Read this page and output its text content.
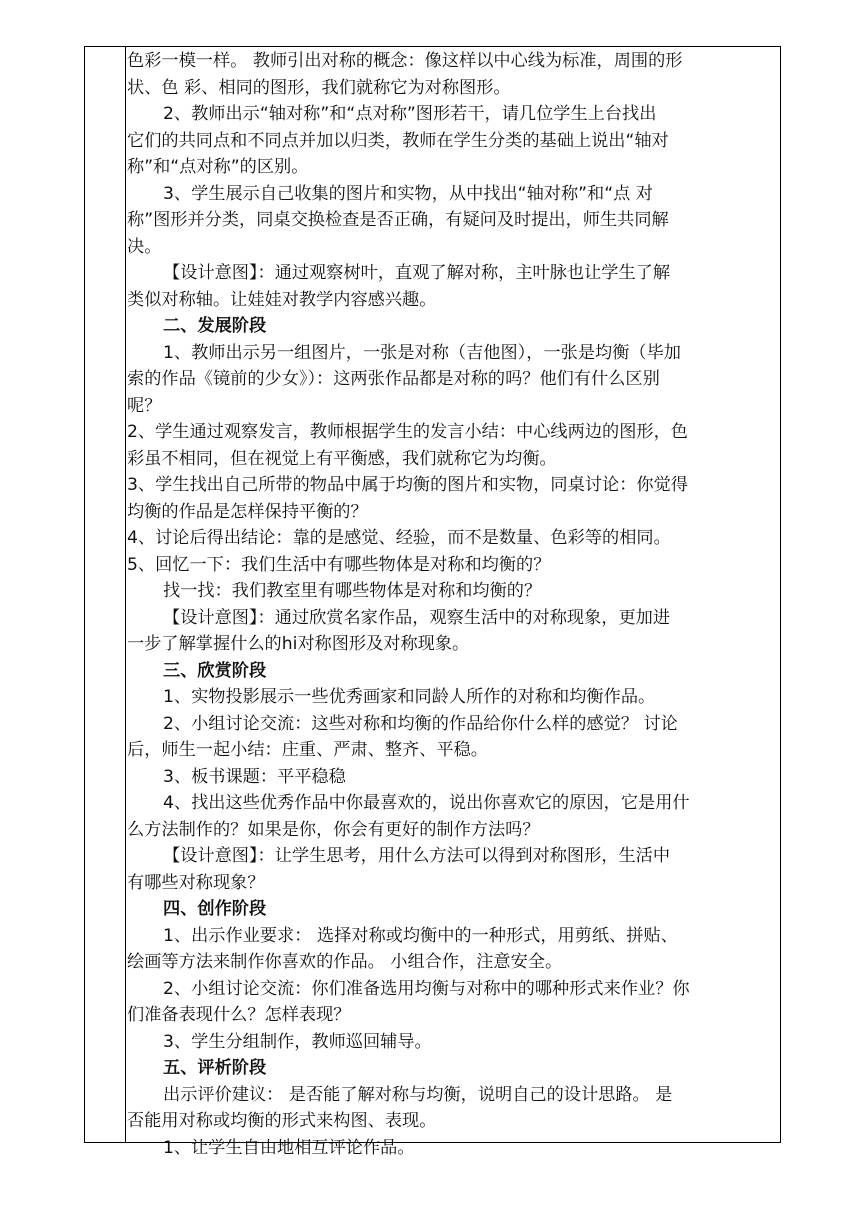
色彩一模一样。 教师引出对称的概念：像这样以中心线为标准，周围的形
状、色 彩、相同的图形，我们就称它为对称图形。
2、教师出示“轴对称”和“点对称”图形若干，请几位学生上台找出
它们的共同点和不同点并加以归类，教师在学生分类的基础上说出“轴对
称”和“点对称”的区别。
3、学生展示自己收集的图片和实物，从中找出“轴对称”和“点 对
称”图形并分类，同桌交换检查是否正确，有疑问及时提出，师生共同解
决。
【设计意图】：通过观察树叶，直观了解对称，主叶脉也让学生了解
类似对称轴。让娃娃对教学内容感兴趣。
二、发展阶段
1、教师出示另一组图片，一张是对称（吉他图），一张是均衡（毕加
索的作品《镜前的少女》）：这两张作品都是对称的吗？他们有什么区别
呢？
2、学生通过观察发言，教师根据学生的发言小结：中心线两边的图形，色
彩虽不相同，但在视觉上有平衡感，我们就称它为均衡。
3、学生找出自己所带的物品中属于均衡的图片和实物，同桌讨论：你觉得
均衡的作品是怎样保持平衡的？
4、讨论后得出结论：靠的是感觉、经验，而不是数量、色彩等的相同。
5、回忆一下：我们生活中有哪些物体是对称和均衡的？
找一找：我们教室里有哪些物体是对称和均衡的？
【设计意图】：通过欣赏名家作品，观察生活中的对称现象，更加进
一步了解掌握什么的hi对称图形及对称现象。
三、欣赏阶段
1、实物投影展示一些优秀画家和同龄人所作的对称和均衡作品。
2、小组讨论交流：这些对称和均衡的作品给你什么样的感觉？ 讨论
后，师生一起小结：庄重、严肃、整齐、平稳。
3、板书课题：平平稳稳
4、找出这些优秀作品中你最喜欢的，说出你喜欢它的原因，它是用什
么方法制作的？如果是你，你会有更好的制作方法吗？
【设计意图】：让学生思考，用什么方法可以得到对称图形，生活中
有哪些对称现象？
四、创作阶段
1、出示作业要求： 选择对称或均衡中的一种形式，用剪纸、拼贴、
绘画等方法来制作你喜欢的作品。 小组合作，注意安全。
2、小组讨论交流：你们准备选用均衡与对称中的哪种形式来作业？你
们准备表现什么？怎样表现？
3、学生分组制作，教师巡回辅导。
五、评析阶段
出示评价建议： 是否能了解对称与均衡，说明自己的设计思路。 是
否能用对称或均衡的形式来构图、表现。
1、让学生自由地相互评论作品。
